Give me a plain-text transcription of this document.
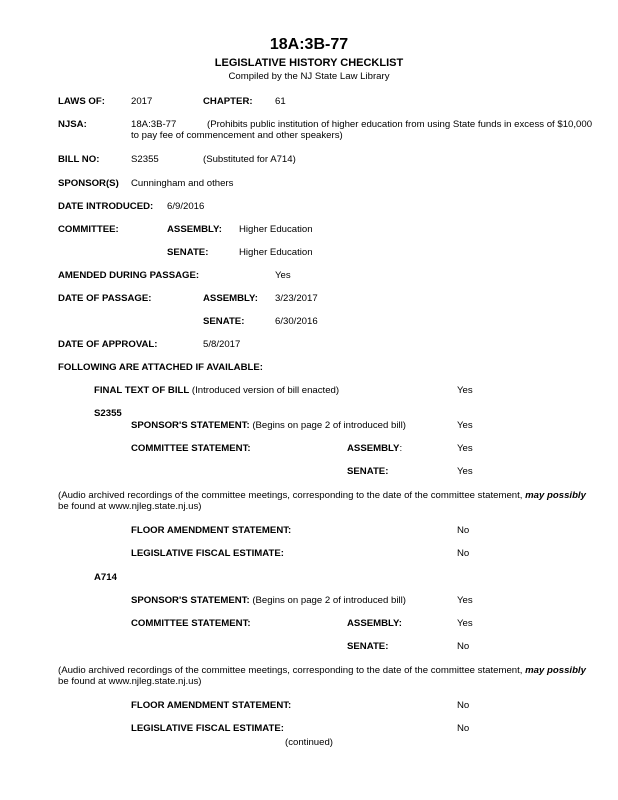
18A:3B-77
LEGISLATIVE HISTORY CHECKLIST
Compiled by the NJ State Law Library
LAWS OF:	2017	CHAPTER: 61
NJSA:	18A:3B-77	(Prohibits public institution of higher education from using State funds in excess of $10,000
to pay fee of commencement and other speakers)
BILL NO:	S2355	(Substituted for A714)
SPONSOR(S) Cunningham and others
DATE INTRODUCED: 6/9/2016
COMMITTEE:	ASSEMBLY: Higher Education
SENATE:	Higher Education
AMENDED DURING PASSAGE:	Yes
DATE OF PASSAGE:	ASSEMBLY: 3/23/2017
SENATE:	6/30/2016
DATE OF APPROVAL:	5/8/2017
FOLLOWING ARE ATTACHED IF AVAILABLE:
FINAL TEXT OF BILL (Introduced version of bill enacted)	Yes
S2355
SPONSOR'S STATEMENT: (Begins on page 2 of introduced bill)	Yes
COMMITTEE STATEMENT:	ASSEMBLY:	Yes
SENATE:	Yes
(Audio archived recordings of the committee meetings, corresponding to the date of the committee statement, may possibly
be found at www.njleg.state.nj.us)
FLOOR AMENDMENT STATEMENT:	No
LEGISLATIVE FISCAL ESTIMATE:	No
A714
SPONSOR'S STATEMENT: (Begins on page 2 of introduced bill)	Yes
COMMITTEE STATEMENT:	ASSEMBLY:	Yes
SENATE:	No
(Audio archived recordings of the committee meetings, corresponding to the date of the committee statement, may possibly
be found at www.njleg.state.nj.us)
FLOOR AMENDMENT STATEMENT:	No
LEGISLATIVE FISCAL ESTIMATE:	No
(continued)
